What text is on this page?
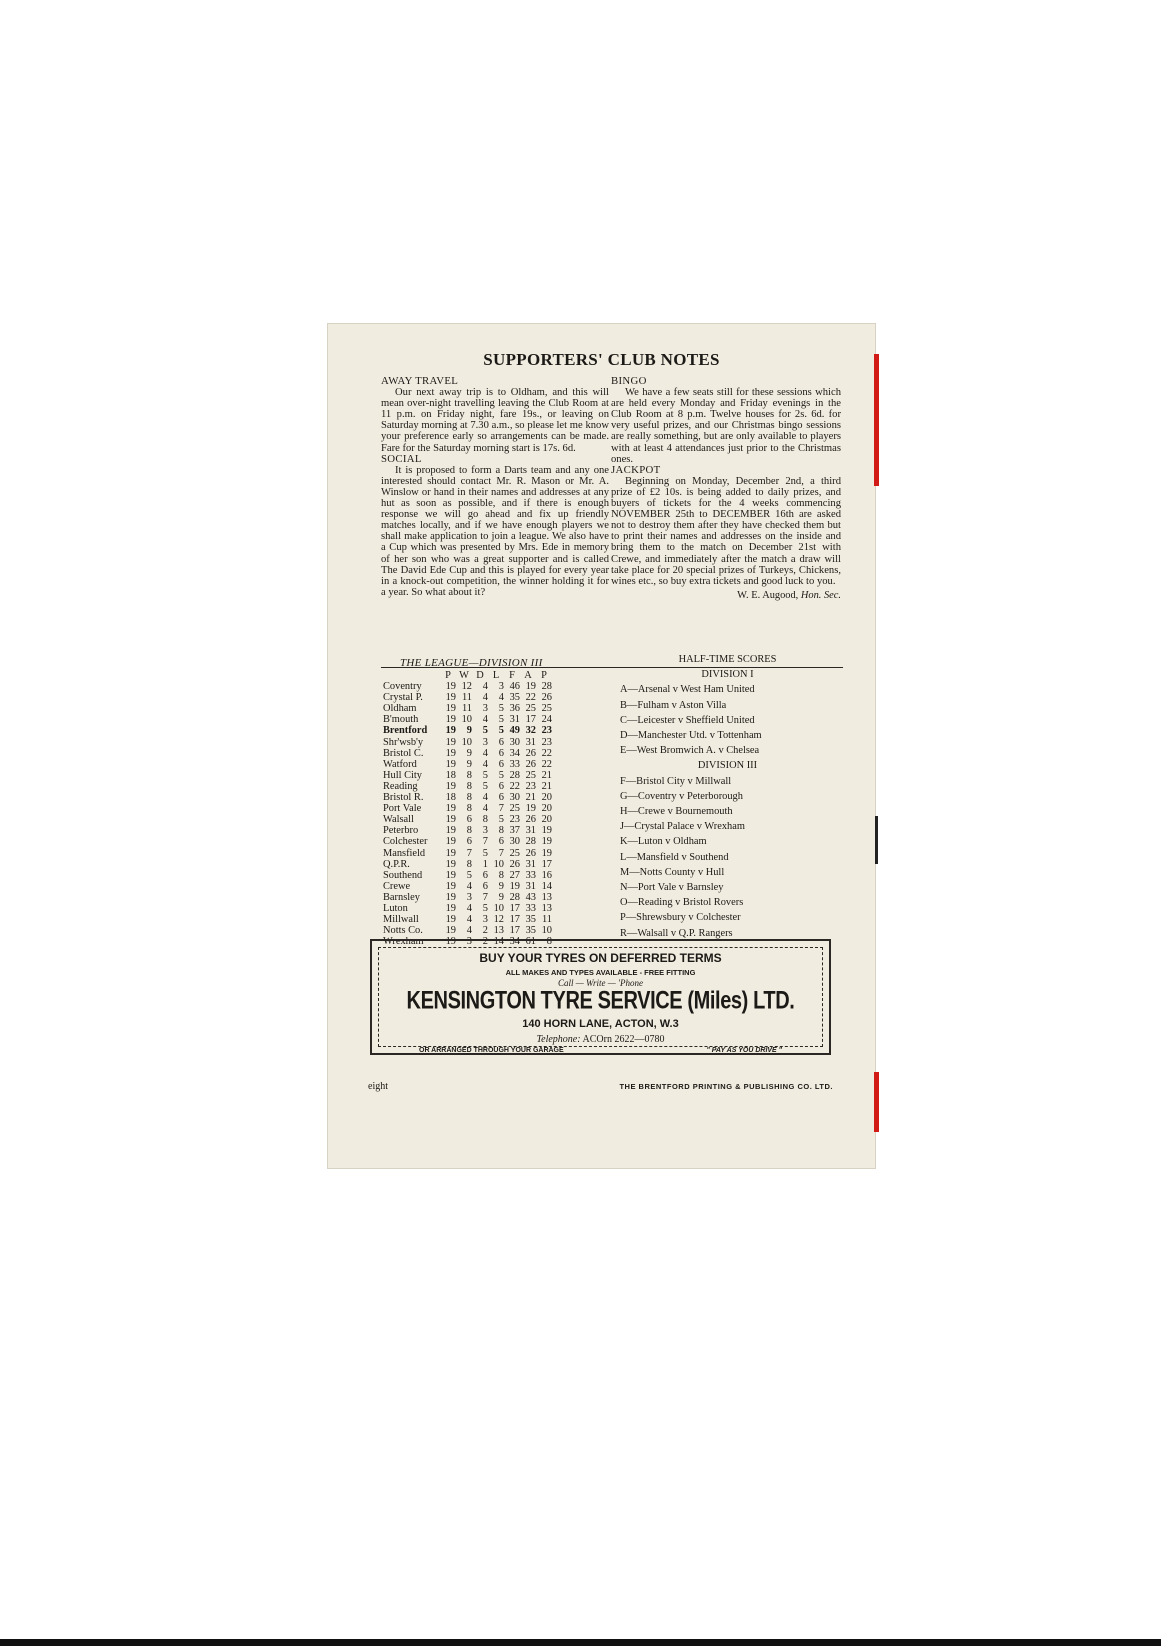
SUPPORTERS' CLUB NOTES
AWAY TRAVEL

Our next away trip is to Oldham, and this will mean over-night travelling leaving the Club Room at 11 p.m. on Friday night, fare 19s., or leaving on Saturday morning at 7.30 a.m., so please let me know your preference early so arrangements can be made. Fare for the Saturday morning start is 17s. 6d.

SOCIAL

It is proposed to form a Darts team and any one interested should contact Mr. R. Mason or Mr. A. Winslow or hand in their names and addresses at any hut as soon as possible, and if there is enough response we will go ahead and fix up friendly matches locally, and if we have enough players we shall make application to join a league. We also have a Cup which was presented by Mrs. Ede in memory of her son who was a great supporter and is called The David Ede Cup and this is played for every year in a knock-out competition, the winner holding it for a year. So what about it?

BINGO

We have a few seats still for these sessions which are held every Monday and Friday evenings in the Club Room at 8 p.m. Twelve houses for 2s. 6d. for very useful prizes, and our Christmas bingo sessions are really something, but are only available to players with at least 4 attendances just prior to the Christmas ones.

JACKPOT

Beginning on Monday, December 2nd, a third prize of £2 10s. is being added to daily prizes, and buyers of tickets for the 4 weeks commencing NOVEMBER 25th to DECEMBER 16th are asked not to destroy them after they have checked them but to print their names and addresses on the inside and bring them to the match on December 21st with Crewe, and immediately after the match a draw will take place for 20 special prizes of Turkeys, Chickens, wines etc., so buy extra tickets and good luck to you.

W. E. Augood, Hon. Sec.
THE LEAGUE—DIVISION III
	P	W	D	L	F	A	P
Coventry	19	12	4	3	46	19	28
Crystal P.	19	11	4	4	35	22	26
Oldham	19	11	3	5	36	25	25
B'mouth	19	10	4	5	31	17	24
Brentford	19	9	5	5	49	32	23
Shr'wsb'y	19	10	3	6	30	31	23
Bristol C.	19	9	4	6	34	26	22
Watford	19	9	4	6	33	26	22
Hull City	18	8	5	5	28	25	21
Reading	19	8	5	6	22	23	21
Bristol R.	18	8	4	6	30	21	20
Port Vale	19	8	4	7	25	19	20
Walsall	19	6	8	5	23	26	20
Peterbro	19	8	3	8	37	31	19
Colchester	19	6	7	6	30	28	19
Mansfield	19	7	5	7	25	26	19
Q.P.R.	19	8	1	10	26	31	17
Southend	19	5	6	8	27	33	16
Crewe	19	4	6	9	19	31	14
Barnsley	19	3	7	9	28	43	13
Luton	19	4	5	10	17	33	13
Millwall	19	4	3	12	17	35	11
Notts Co.	19	4	2	13	17	35	10
Wrexham	19	3	2	14	34	61	8
HALF-TIME SCORES
DIVISION I
A—Arsenal v West Ham United
B—Fulham v Aston Villa
C—Leicester v Sheffield United
D—Manchester Utd. v Tottenham
E—West Bromwich A. v Chelsea
DIVISION III
F—Bristol City v Millwall
G—Coventry v Peterborough
H—Crewe v Bournemouth
J—Crystal Palace v Wrexham
K—Luton v Oldham
L—Mansfield v Southend
M—Notts County v Hull
N—Port Vale v Barnsley
O—Reading v Bristol Rovers
P—Shrewsbury v Colchester
R—Walsall v Q.P. Rangers
BUY YOUR TYRES ON DEFERRED TERMS
ALL MAKES AND TYPES AVAILABLE - FREE FITTING
Call — Write — 'Phone
KENSINGTON TYRE SERVICE (Miles) LTD.
140 HORN LANE, ACTON, W.3
Telephone: ACOrn 2622—0780
OR ARRANGED THROUGH YOUR GARAGE	" PAY AS YOU DRIVE "
eight	THE BRENTFORD PRINTING & PUBLISHING CO. LTD.
